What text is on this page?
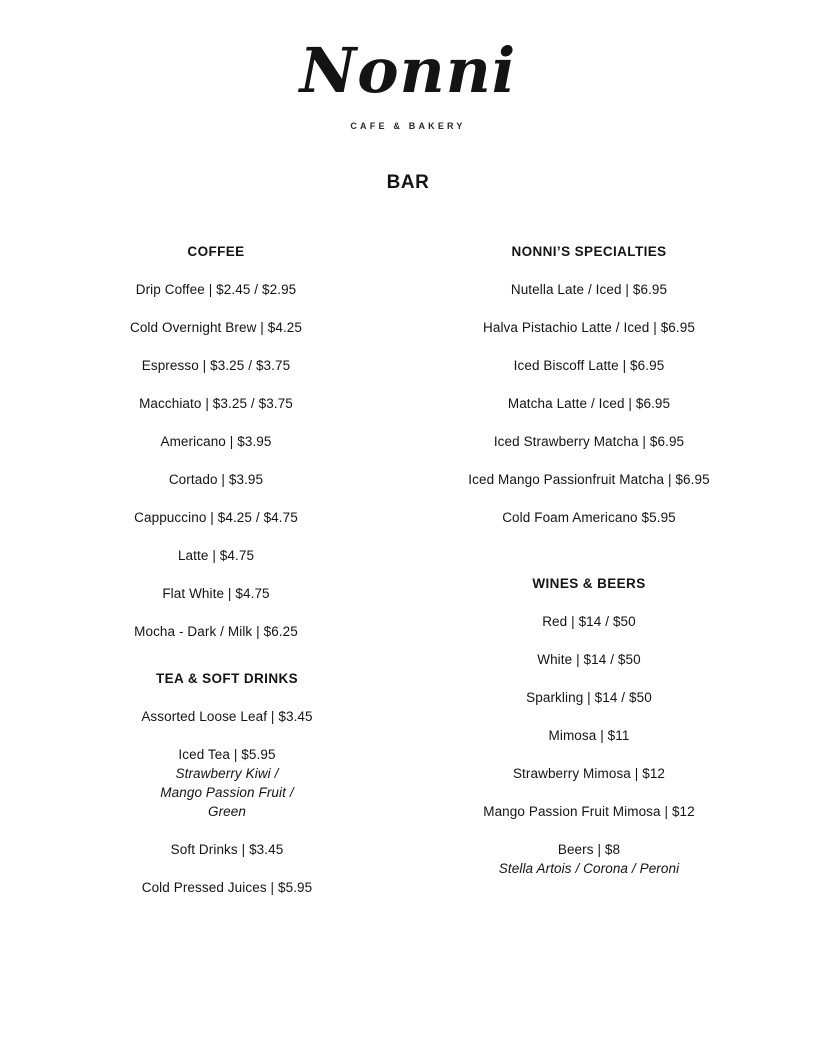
Nonni
CAFE & BAKERY
BAR
COFFEE
Drip Coffee | $2.45 / $2.95
Cold Overnight Brew | $4.25
Espresso | $3.25 / $3.75
Macchiato | $3.25 / $3.75
Americano | $3.95
Cortado | $3.95
Cappuccino | $4.25 / $4.75
Latte | $4.75
Flat White | $4.75
Mocha - Dark / Milk | $6.25
TEA & SOFT DRINKS
Assorted Loose Leaf | $3.45
Iced Tea | $5.95
Strawberry Kiwi /
Mango Passion Fruit /
Green
Soft Drinks | $3.45
Cold Pressed Juices | $5.95
NONNI’S SPECIALTIES
Nutella Late / Iced | $6.95
Halva Pistachio Latte / Iced | $6.95
Iced Biscoff Latte | $6.95
Matcha Latte / Iced | $6.95
Iced Strawberry Matcha | $6.95
Iced Mango Passionfruit Matcha | $6.95
Cold Foam Americano $5.95
WINES & BEERS
Red | $14 / $50
White | $14 / $50
Sparkling | $14 / $50
Mimosa | $11
Strawberry Mimosa | $12
Mango Passion Fruit Mimosa | $12
Beers | $8
Stella Artois / Corona / Peroni
